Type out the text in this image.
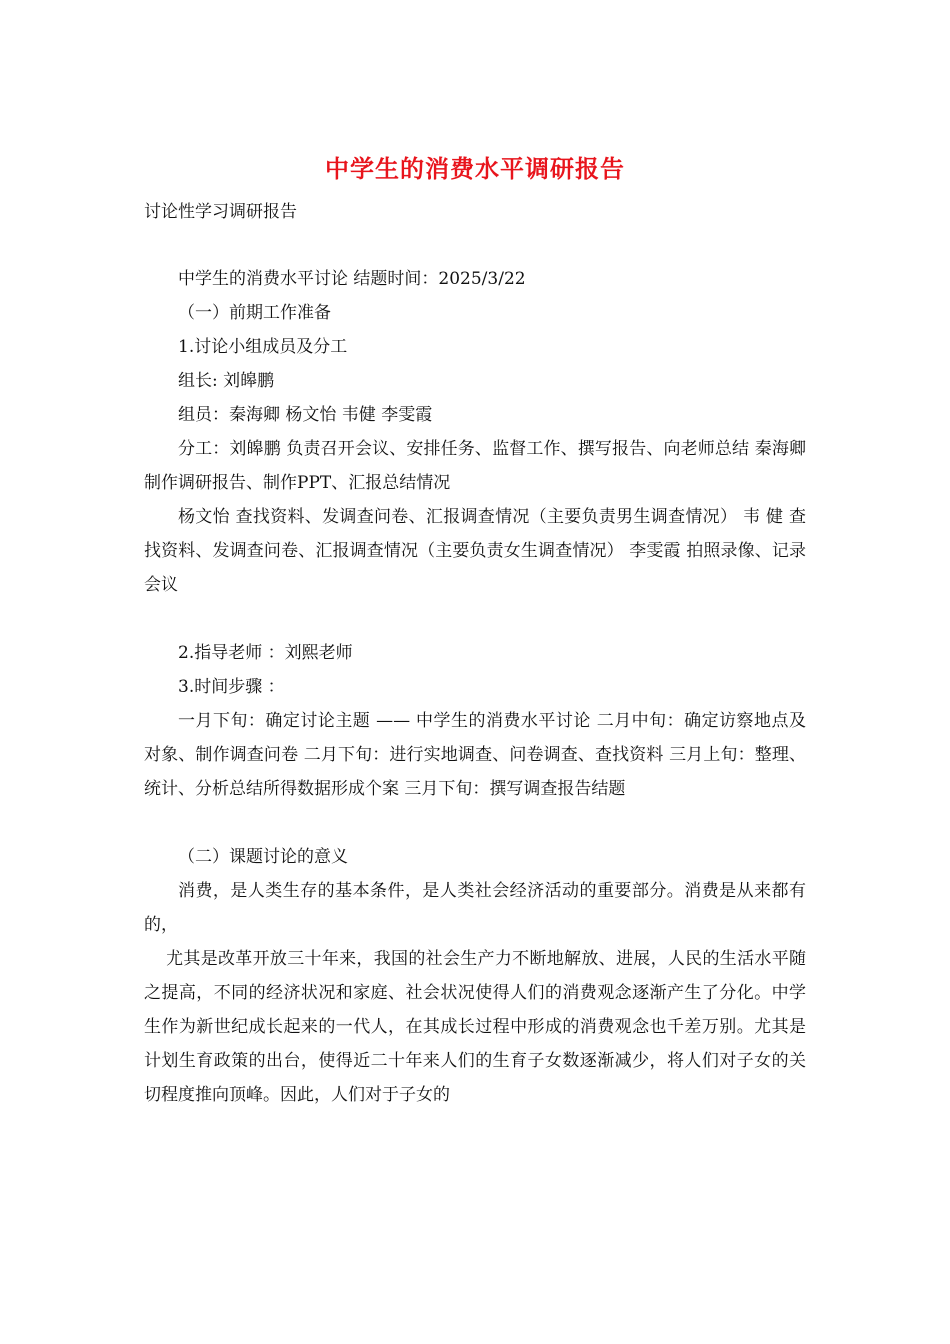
中学生的消费水平调研报告
讨论性学习调研报告

中学生的消费水平讨论 结题时间：2025/3/22

（一）前期工作准备

1.讨论小组成员及分工

组长: 刘皞鹏

组员：秦海卿 杨文怡 韦健 李雯霞

分工：刘皞鹏 负责召开会议、安排任务、监督工作、撰写报告、向老师总结 秦海卿 制作调研报告、制作PPT、汇报总结情况

杨文怡 查找资料、发调查问卷、汇报调查情况（主要负责男生调查情况） 韦 健 查找资料、发调查问卷、汇报调查情况（主要负责女生调查情况） 李雯霞 拍照录像、记录会议

2.指导老师 ：刘熙老师

3.时间步骤 ：

一月下旬：确定讨论主题 —— 中学生的消费水平讨论 二月中旬：确定访察地点及对象、制作调查问卷 二月下旬：进行实地调查、问卷调查、查找资料 三月上旬：整理、统计、分析总结所得数据形成个案 三月下旬：撰写调查报告结题

（二）课题讨论的意义

消费，是人类生存的基本条件，是人类社会经济活动的重要部分。消费是从来都有的，

尤其是改革开放三十年来，我国的社会生产力不断地解放、进展，人民的生活水平随之提高，不同的经济状况和家庭、社会状况使得人们的消费观念逐渐产生了分化。中学生作为新世纪成长起来的一代人，在其成长过程中形成的消费观念也千差万别。尤其是计划生育政策的出台，使得近二十年来人们的生育子女数逐渐减少，将人们对子女的关切程度推向顶峰。因此，人们对于子女的
